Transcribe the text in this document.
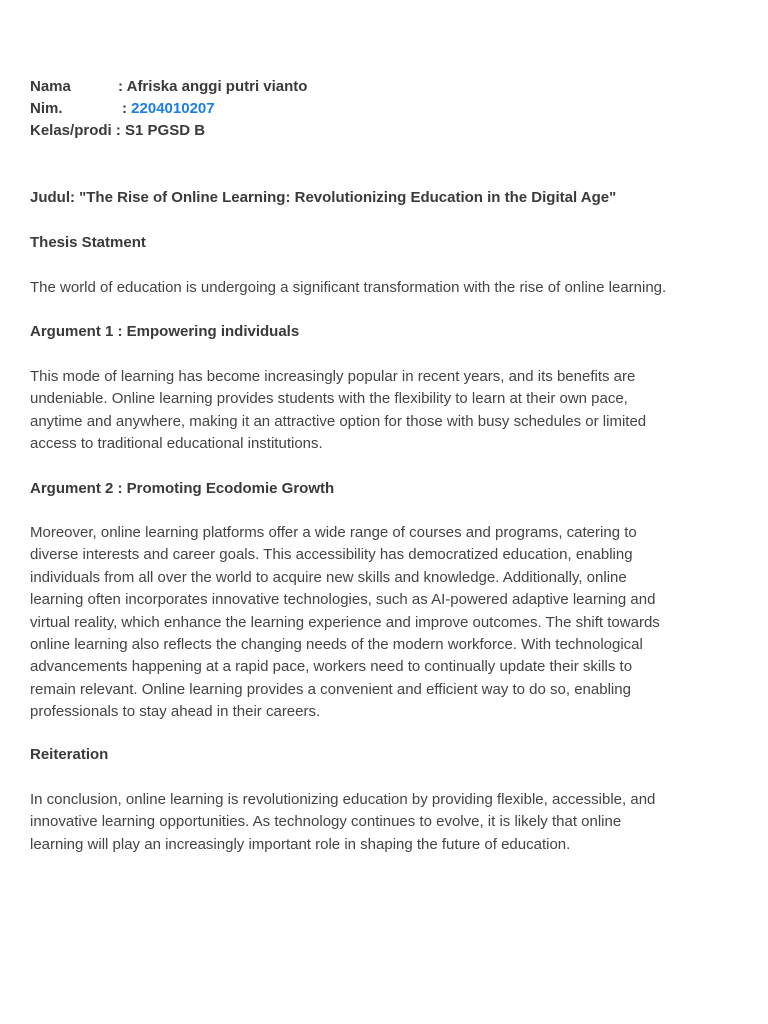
Nama	: Afriska anggi putri vianto
Nim.	: 2204010207
Kelas/prodi : S1 PGSD B
Judul: "The Rise of Online Learning: Revolutionizing Education in the Digital Age"
Thesis Statment
The world of education is undergoing a significant transformation with the rise of online learning.
Argument 1 : Empowering individuals
This mode of learning has become increasingly popular in recent years, and its benefits are
undeniable. Online learning provides students with the flexibility to learn at their own pace,
anytime and anywhere, making it an attractive option for those with busy schedules or limited
access to traditional educational institutions.
Argument 2 : Promoting Ecodomie Growth
Moreover, online learning platforms offer a wide range of courses and programs, catering to
diverse interests and career goals. This accessibility has democratized education, enabling
individuals from all over the world to acquire new skills and knowledge. Additionally, online
learning often incorporates innovative technologies, such as AI-powered adaptive learning and
virtual reality, which enhance the learning experience and improve outcomes. The shift towards
online learning also reflects the changing needs of the modern workforce. With technological
advancements happening at a rapid pace, workers need to continually update their skills to
remain relevant. Online learning provides a convenient and efficient way to do so, enabling
professionals to stay ahead in their careers.
Reiteration
In conclusion, online learning is revolutionizing education by providing flexible, accessible, and
innovative learning opportunities. As technology continues to evolve, it is likely that online
learning will play an increasingly important role in shaping the future of education.
